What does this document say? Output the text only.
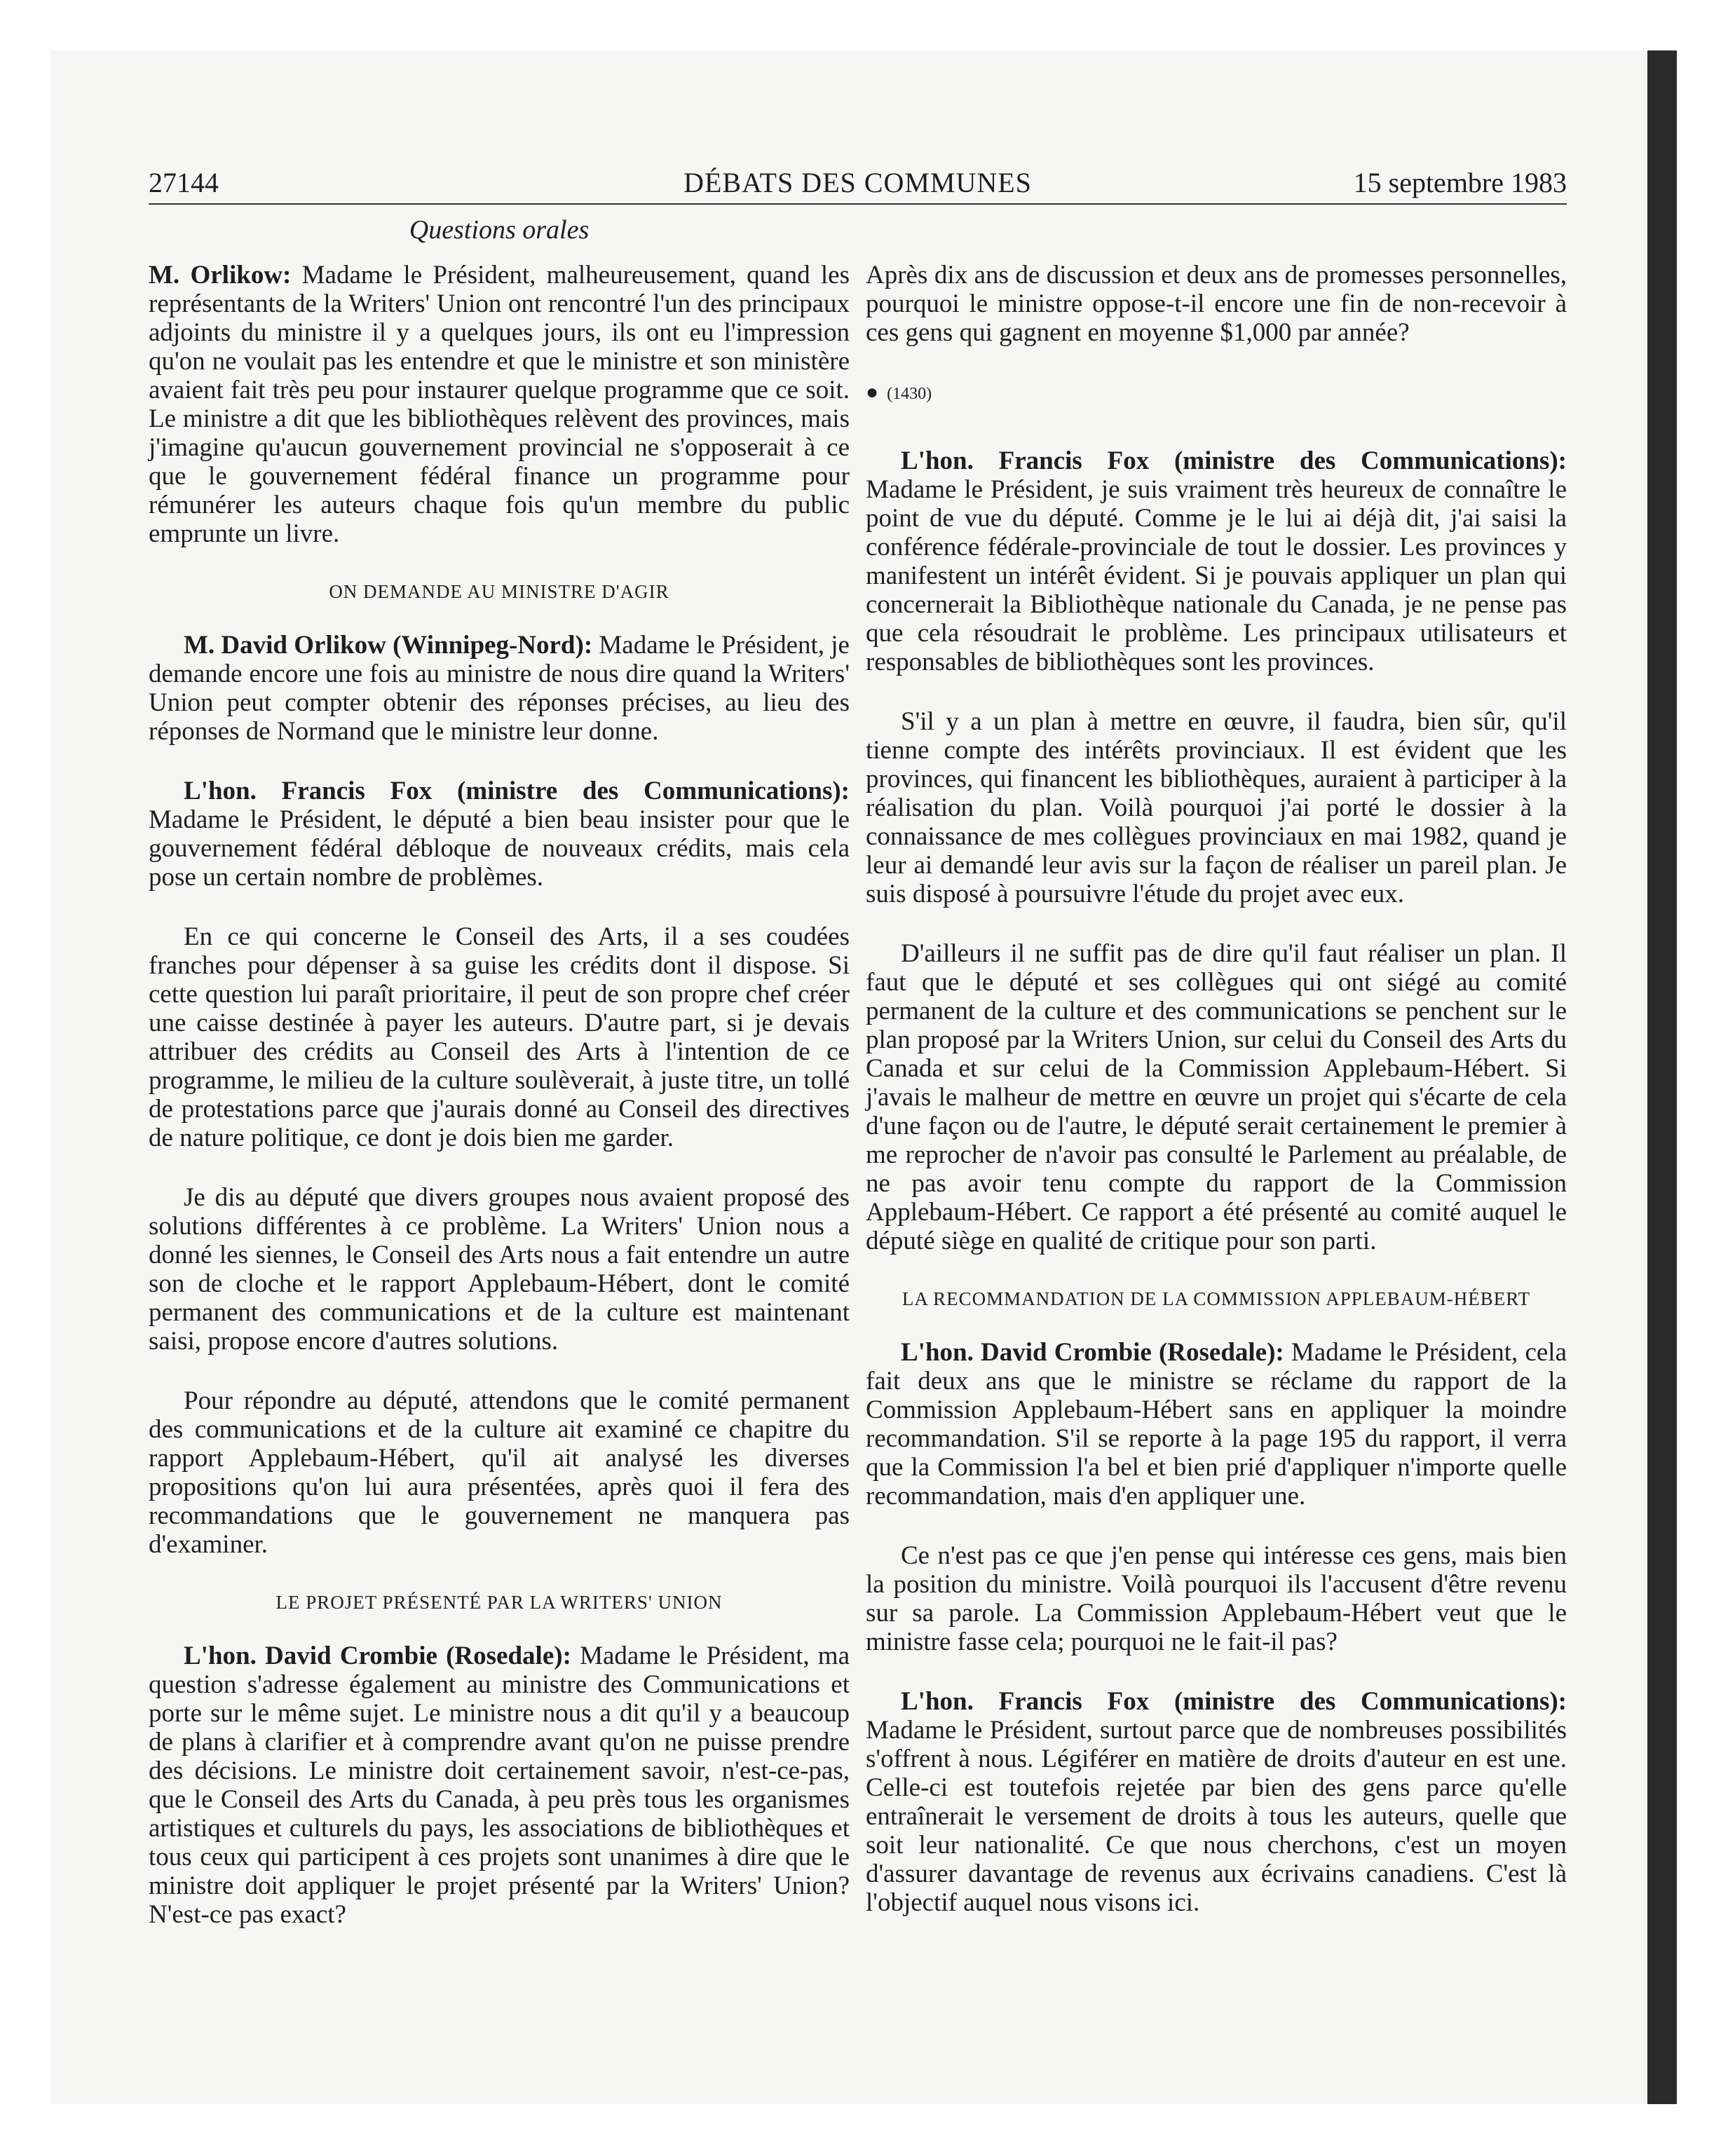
27144	DÉBATS DES COMMUNES	15 septembre 1983
Questions orales

M. Orlikow: Madame le Président, malheureusement, quand les représentants de la Writers' Union ont rencontré l'un des principaux adjoints du ministre il y a quelques jours, ils ont eu l'impression qu'on ne voulait pas les entendre et que le ministre et son ministère avaient fait très peu pour instaurer quelque programme que ce soit. Le ministre a dit que les bibliothèques relèvent des provinces, mais j'imagine qu'aucun gouvernement provincial ne s'opposerait à ce que le gouvernement fédéral finance un programme pour rémunérer les auteurs chaque fois qu'un membre du public emprunte un livre.

ON DEMANDE AU MINISTRE D'AGIR

M. David Orlikow (Winnipeg-Nord): Madame le Président, je demande encore une fois au ministre de nous dire quand la Writers' Union peut compter obtenir des réponses précises, au lieu des réponses de Normand que le ministre leur donne.

L'hon. Francis Fox (ministre des Communications): Madame le Président, le député a bien beau insister pour que le gouvernement fédéral débloque de nouveaux crédits, mais cela pose un certain nombre de problèmes.

En ce qui concerne le Conseil des Arts, il a ses coudées franches pour dépenser à sa guise les crédits dont il dispose. Si cette question lui paraît prioritaire, il peut de son propre chef créer une caisse destinée à payer les auteurs. D'autre part, si je devais attribuer des crédits au Conseil des Arts à l'intention de ce programme, le milieu de la culture soulèverait, à juste titre, un tollé de protestations parce que j'aurais donné au Conseil des directives de nature politique, ce dont je dois bien me garder.

Je dis au député que divers groupes nous avaient proposé des solutions différentes à ce problème. La Writers' Union nous a donné les siennes, le Conseil des Arts nous a fait entendre un autre son de cloche et le rapport Applebaum-Hébert, dont le comité permanent des communications et de la culture est maintenant saisi, propose encore d'autres solutions.

Pour répondre au député, attendons que le comité permanent des communications et de la culture ait examiné ce chapitre du rapport Applebaum-Hébert, qu'il ait analysé les diverses propositions qu'on lui aura présentées, après quoi il fera des recommandations que le gouvernement ne manquera pas d'examiner.

LE PROJET PRÉSENTÉ PAR LA WRITERS' UNION

L'hon. David Crombie (Rosedale): Madame le Président, ma question s'adresse également au ministre des Communications et porte sur le même sujet. Le ministre nous a dit qu'il y a beaucoup de plans à clarifier et à comprendre avant qu'on ne puisse prendre des décisions. Le ministre doit certainement savoir, n'est-ce-pas, que le Conseil des Arts du Canada, à peu près tous les organismes artistiques et culturels du pays, les associations de bibliothèques et tous ceux qui participent à ces projets sont unanimes à dire que le ministre doit appliquer le projet présenté par la Writers' Union? N'est-ce pas exact?

Après dix ans de discussion et deux ans de promesses personnelles, pourquoi le ministre oppose-t-il encore une fin de non-recevoir à ces gens qui gagnent en moyenne $1,000 par année?

● (1430)

L'hon. Francis Fox (ministre des Communications): Madame le Président, je suis vraiment très heureux de connaître le point de vue du député. Comme je le lui ai déjà dit, j'ai saisi la conférence fédérale-provinciale de tout le dossier. Les provinces y manifestent un intérêt évident. Si je pouvais appliquer un plan qui concernerait la Bibliothèque nationale du Canada, je ne pense pas que cela résoudrait le problème. Les principaux utilisateurs et responsables de bibliothèques sont les provinces.

S'il y a un plan à mettre en œuvre, il faudra, bien sûr, qu'il tienne compte des intérêts provinciaux. Il est évident que les provinces, qui financent les bibliothèques, auraient à participer à la réalisation du plan. Voilà pourquoi j'ai porté le dossier à la connaissance de mes collègues provinciaux en mai 1982, quand je leur ai demandé leur avis sur la façon de réaliser un pareil plan. Je suis disposé à poursuivre l'étude du projet avec eux.

D'ailleurs il ne suffit pas de dire qu'il faut réaliser un plan. Il faut que le député et ses collègues qui ont siégé au comité permanent de la culture et des communications se penchent sur le plan proposé par la Writers Union, sur celui du Conseil des Arts du Canada et sur celui de la Commission Applebaum-Hébert. Si j'avais le malheur de mettre en œuvre un projet qui s'écarte de cela d'une façon ou de l'autre, le député serait certainement le premier à me reprocher de n'avoir pas consulté le Parlement au préalable, de ne pas avoir tenu compte du rapport de la Commission Applebaum-Hébert. Ce rapport a été présenté au comité auquel le député siège en qualité de critique pour son parti.

LA RECOMMANDATION DE LA COMMISSION APPLEBAUM-HÉBERT

L'hon. David Crombie (Rosedale): Madame le Président, cela fait deux ans que le ministre se réclame du rapport de la Commission Applebaum-Hébert sans en appliquer la moindre recommandation. S'il se reporte à la page 195 du rapport, il verra que la Commission l'a bel et bien prié d'appliquer n'importe quelle recommandation, mais d'en appliquer une.

Ce n'est pas ce que j'en pense qui intéresse ces gens, mais bien la position du ministre. Voilà pourquoi ils l'accusent d'être revenu sur sa parole. La Commission Applebaum-Hébert veut que le ministre fasse cela; pourquoi ne le fait-il pas?

L'hon. Francis Fox (ministre des Communications): Madame le Président, surtout parce que de nombreuses possibilités s'offrent à nous. Légiférer en matière de droits d'auteur en est une. Celle-ci est toutefois rejetée par bien des gens parce qu'elle entraînerait le versement de droits à tous les auteurs, quelle que soit leur nationalité. Ce que nous cherchons, c'est un moyen d'assurer davantage de revenus aux écrivains canadiens. C'est là l'objectif auquel nous visons ici.
